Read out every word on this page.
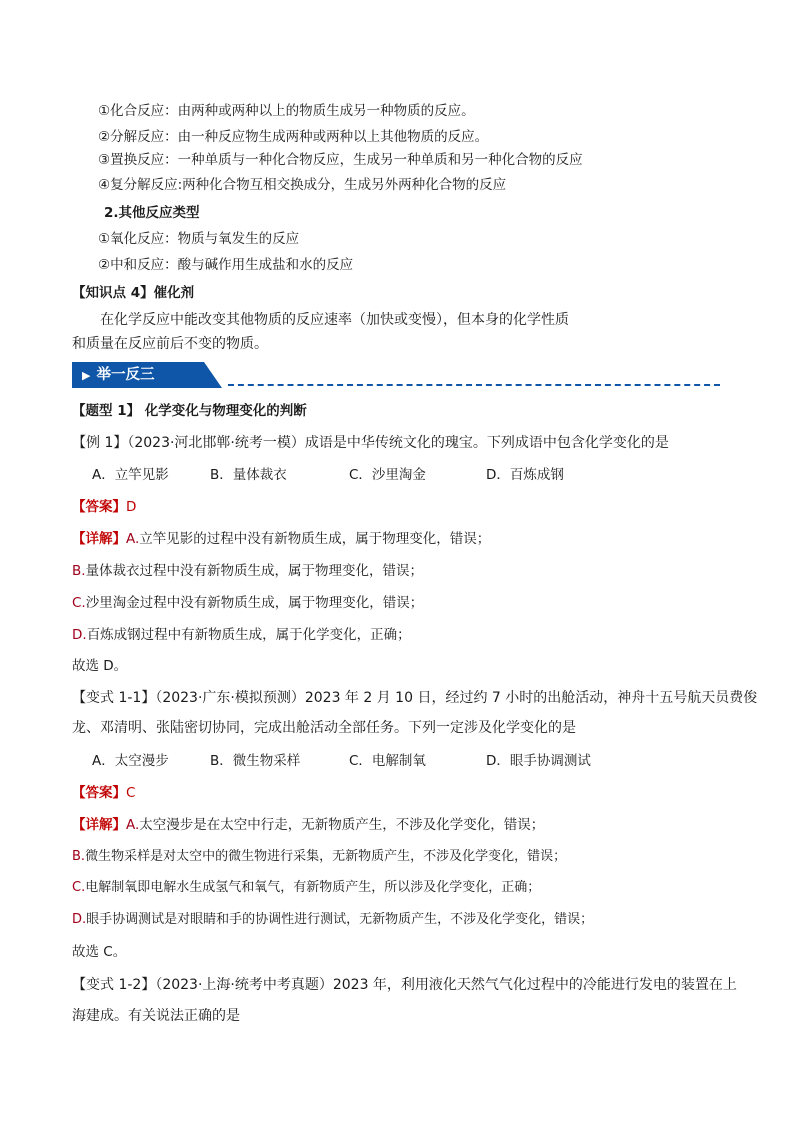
①化合反应：由两种或两种以上的物质生成另一种物质的反应。
②分解反应：由一种反应物生成两种或两种以上其他物质的反应。
③置换反应：一种单质与一种化合物反应，生成另一种单质和另一种化合物的反应
④复分解反应:两种化合物互相交换成分，生成另外两种化合物的反应
2.其他反应类型
①氧化反应：物质与氧发生的反应
②中和反应：酸与碱作用生成盐和水的反应
【知识点 4】催化剂
在化学反应中能改变其他物质的反应速率（加快或变慢），但本身的化学性质
和质量在反应前后不变的物质。
▶ 举一反三
【题型 1】 化学变化与物理变化的判断
【例 1】（2023·河北邯郸·统考一模）成语是中华传统文化的瑰宝。下列成语中包含化学变化的是
A．立竿见影	B．量体裁衣	C．沙里淘金	D．百炼成钢
【答案】D
【详解】A.立竿见影的过程中没有新物质生成，属于物理变化，错误；
B.量体裁衣过程中没有新物质生成，属于物理变化，错误；
C.沙里淘金过程中没有新物质生成，属于物理变化，错误；
D.百炼成钢过程中有新物质生成，属于化学变化，正确；
故选 D。
【变式 1-1】（2023·广东·模拟预测）2023 年 2 月 10 日，经过约 7 小时的出舱活动，神舟十五号航天员费俊
龙、邓清明、张陆密切协同，完成出舱活动全部任务。下列一定涉及化学变化的是
A．太空漫步	B．微生物采样	C．电解制氧	D．眼手协调测试
【答案】C
【详解】A.太空漫步是在太空中行走，无新物质产生，不涉及化学变化，错误；
B.微生物采样是对太空中的微生物进行采集，无新物质产生，不涉及化学变化，错误；
C.电解制氧即电解水生成氢气和氧气，有新物质产生，所以涉及化学变化，正确；
D.眼手协调测试是对眼睛和手的协调性进行测试，无新物质产生，不涉及化学变化，错误；
故选 C。
【变式 1-2】（2023·上海·统考中考真题）2023 年，利用液化天然气气化过程中的冷能进行发电的装置在上
海建成。有关说法正确的是
